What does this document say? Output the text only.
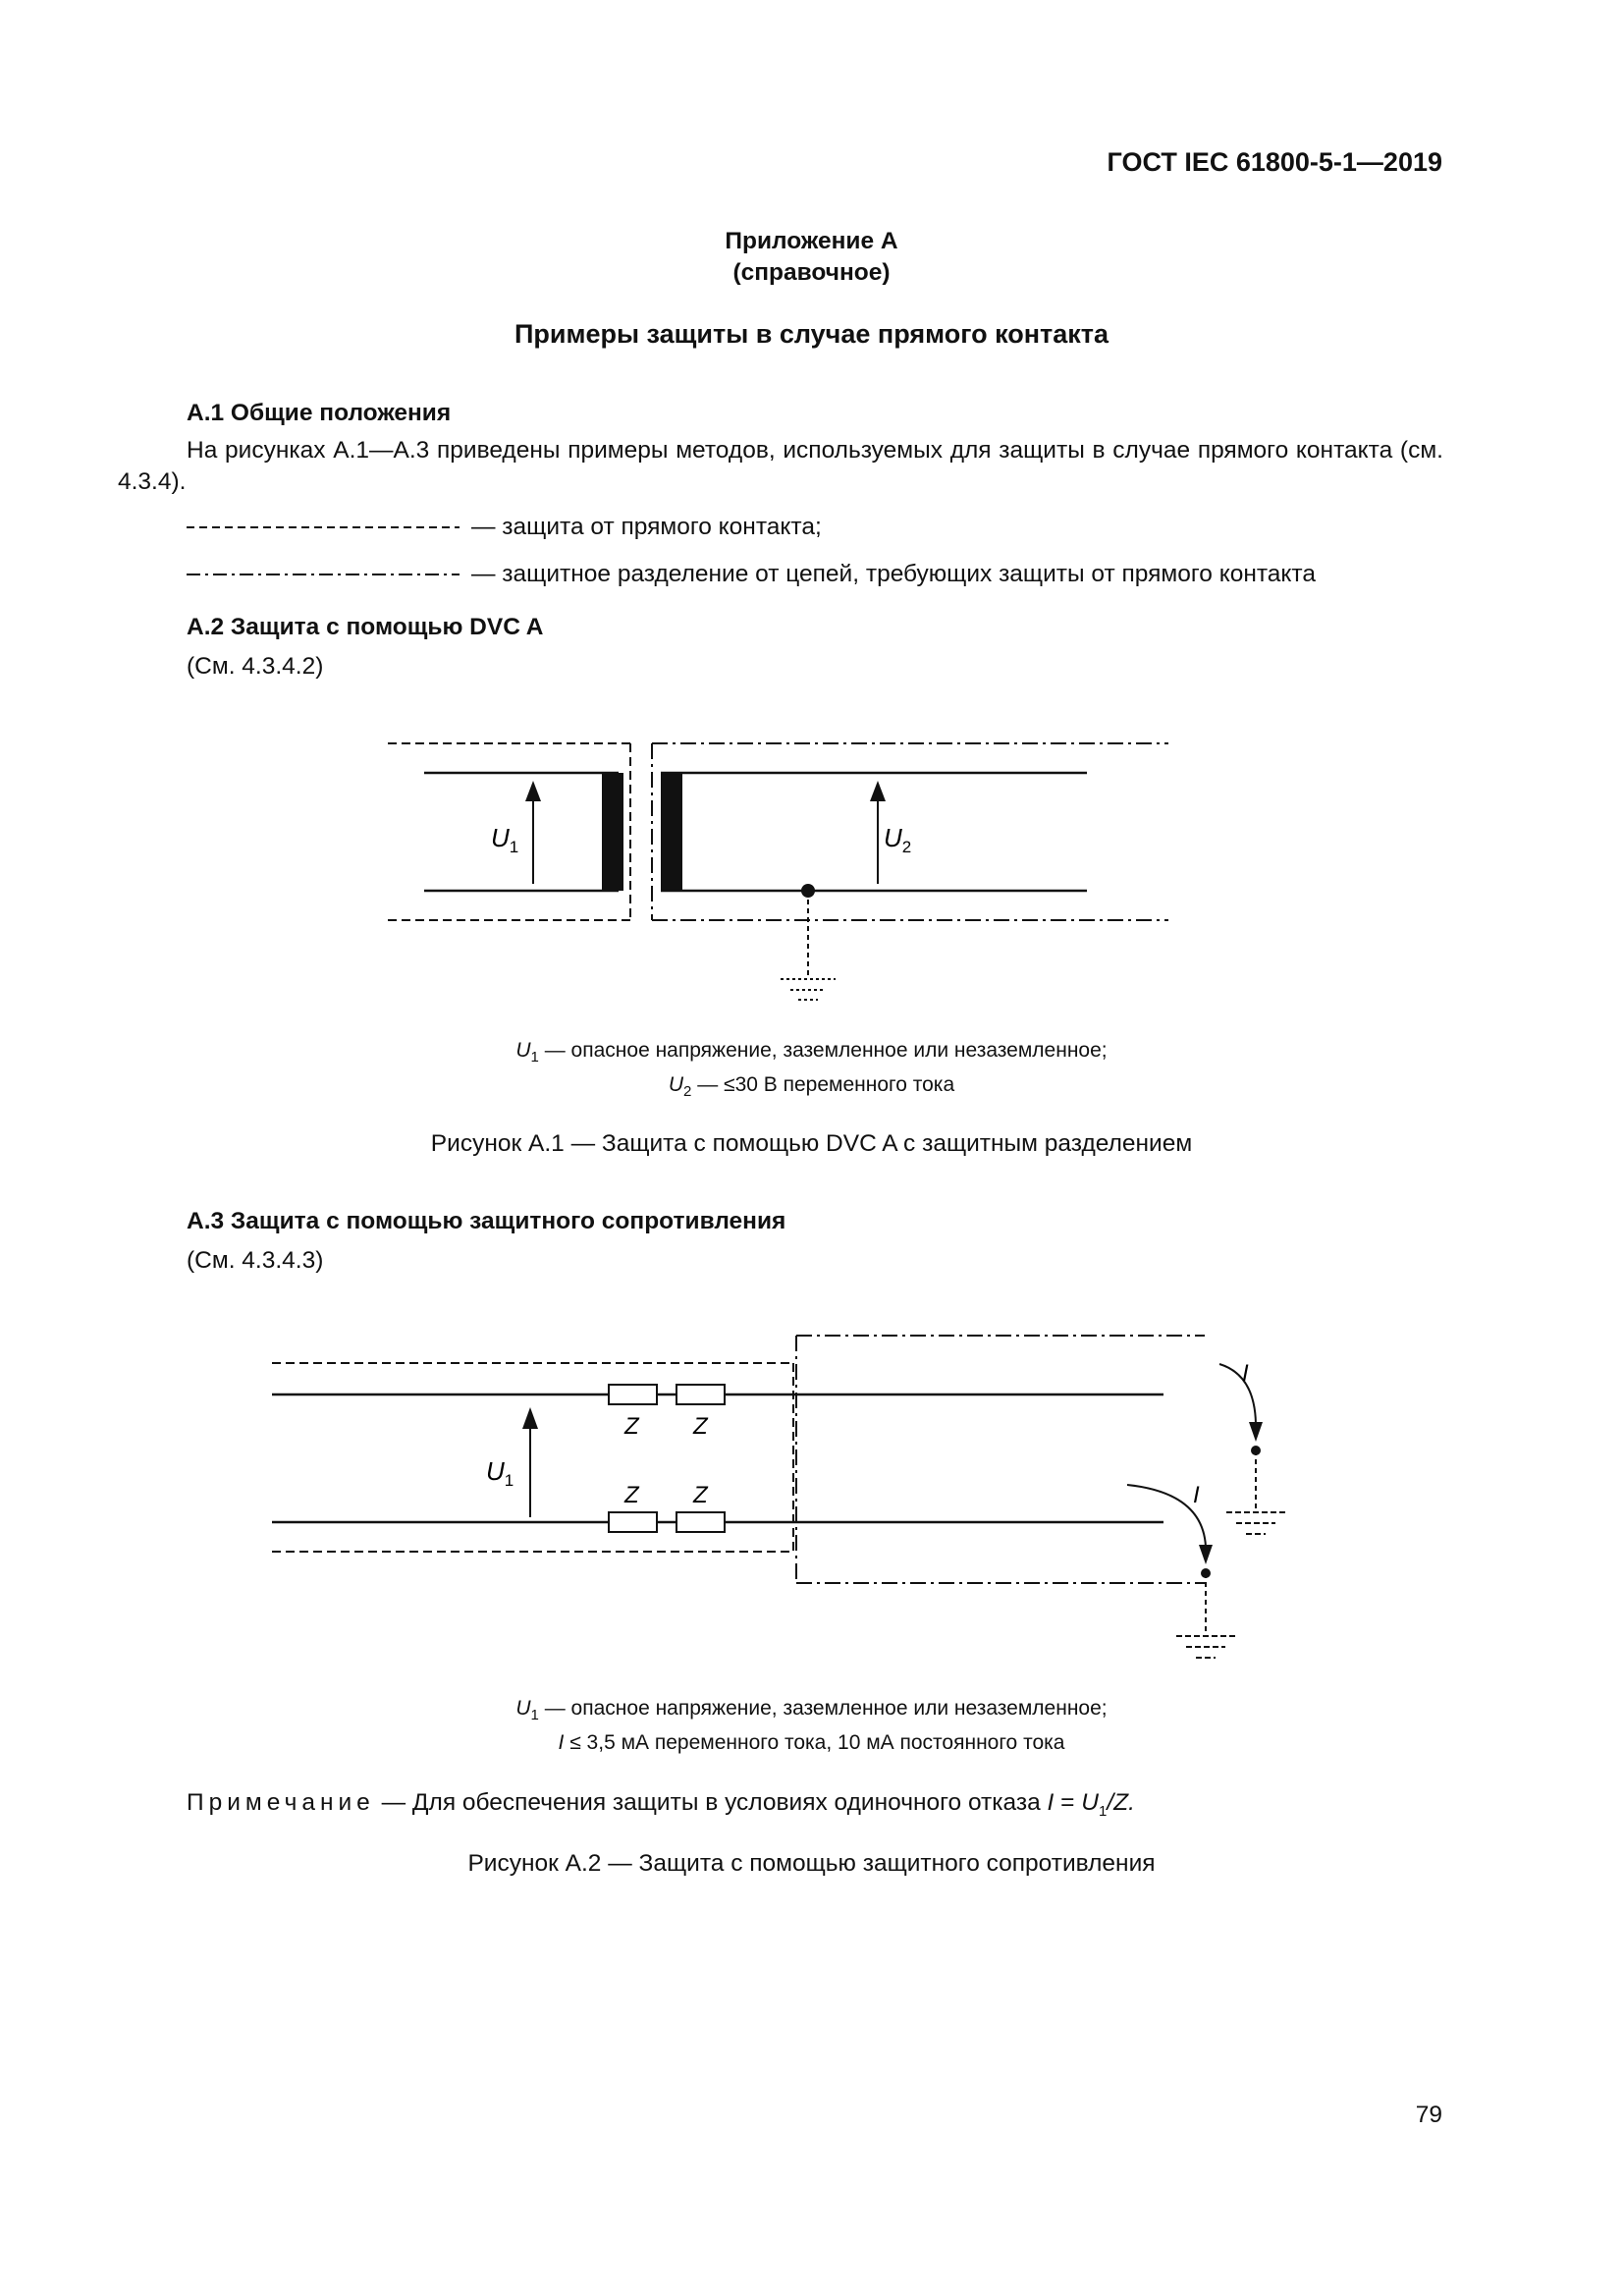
ГОСТ IEC 61800-5-1—2019
Приложение А
(справочное)
Примеры защиты в случае прямого контакта
А.1 Общие положения
На рисунках А.1—А.3 приведены примеры методов, используемых для защиты в случае прямого контакта (см. 4.3.4).
— защита от прямого контакта;
— защитное разделение от цепей, требующих защиты от прямого контакта
А.2 Защита с помощью DVC A
(См. 4.3.4.2)
$U_1$	$U_2$
$U_1$ — опасное напряжение, заземленное или незаземленное;
$U_2$ — ≤30 В переменного тока
Рисунок А.1 — Защита с помощью DVC A с защитным разделением
А.3 Защита с помощью защитного сопротивления
(См. 4.3.4.3)
Z Z
Z Z
$U_1$
I
I
$U_1$ — опасное напряжение, заземленное или незаземленное;
I ≤ 3,5 мА переменного тока, 10 мА постоянного тока
Примечание — Для обеспечения защиты в условиях одиночного отказа $I = U_1/Z$.
Рисунок А.2 — Защита с помощью защитного сопротивления
79
